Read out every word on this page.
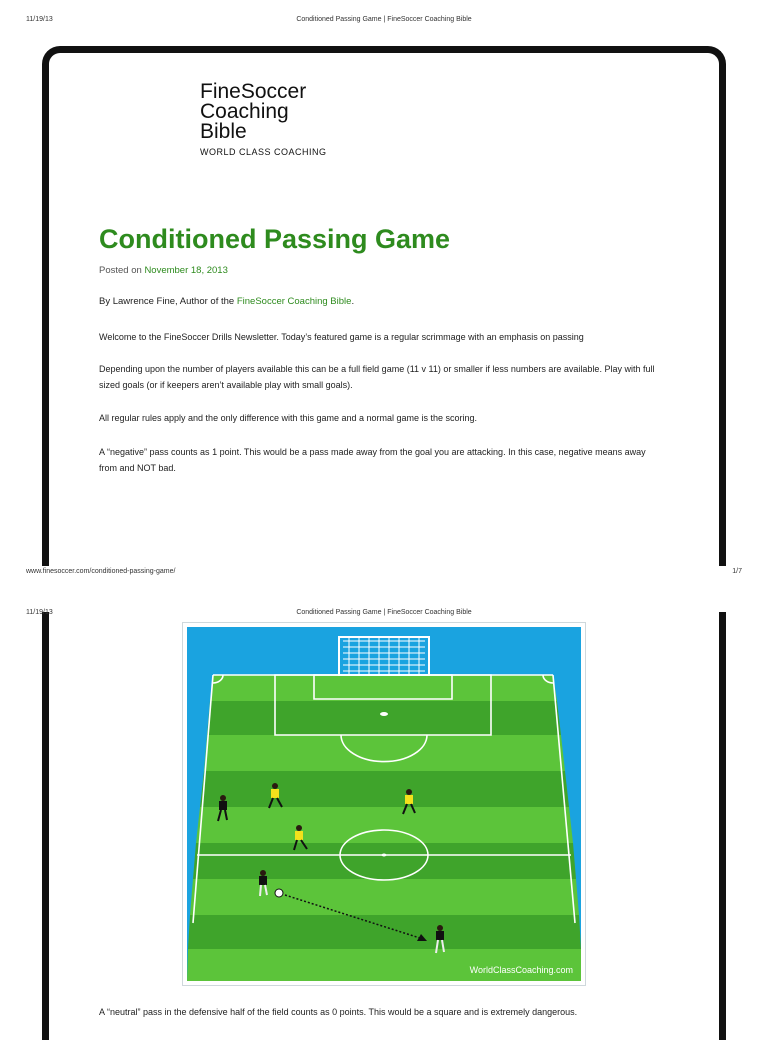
11/19/13	Conditioned Passing Game | FineSoccer Coaching Bible
FineSoccer
Coaching
Bible
WORLD CLASS COACHING
Conditioned Passing Game
Posted on November 18, 2013
By Lawrence Fine, Author of the FineSoccer Coaching Bible.
Welcome to the FineSoccer Drills Newsletter. Today’s featured game is a regular scrimmage with an emphasis on passing
Depending upon the number of players available this can be a full field game (11 v 11) or smaller if less numbers are available. Play with full sized goals (or if keepers aren’t available play with small goals).
All regular rules apply and the only difference with this game and a normal game is the scoring.
A “negative” pass counts as 1 point. This would be a pass made away from the goal you are attacking. In this case, negative means away from and NOT bad.
www.finesoccer.com/conditioned-passing-game/	1/7
11/19/13	Conditioned Passing Game | FineSoccer Coaching Bible
WorldClassCoaching.com
A “neutral” pass in the defensive half of the field counts as 0 points. This would be a square and is extremely dangerous.
